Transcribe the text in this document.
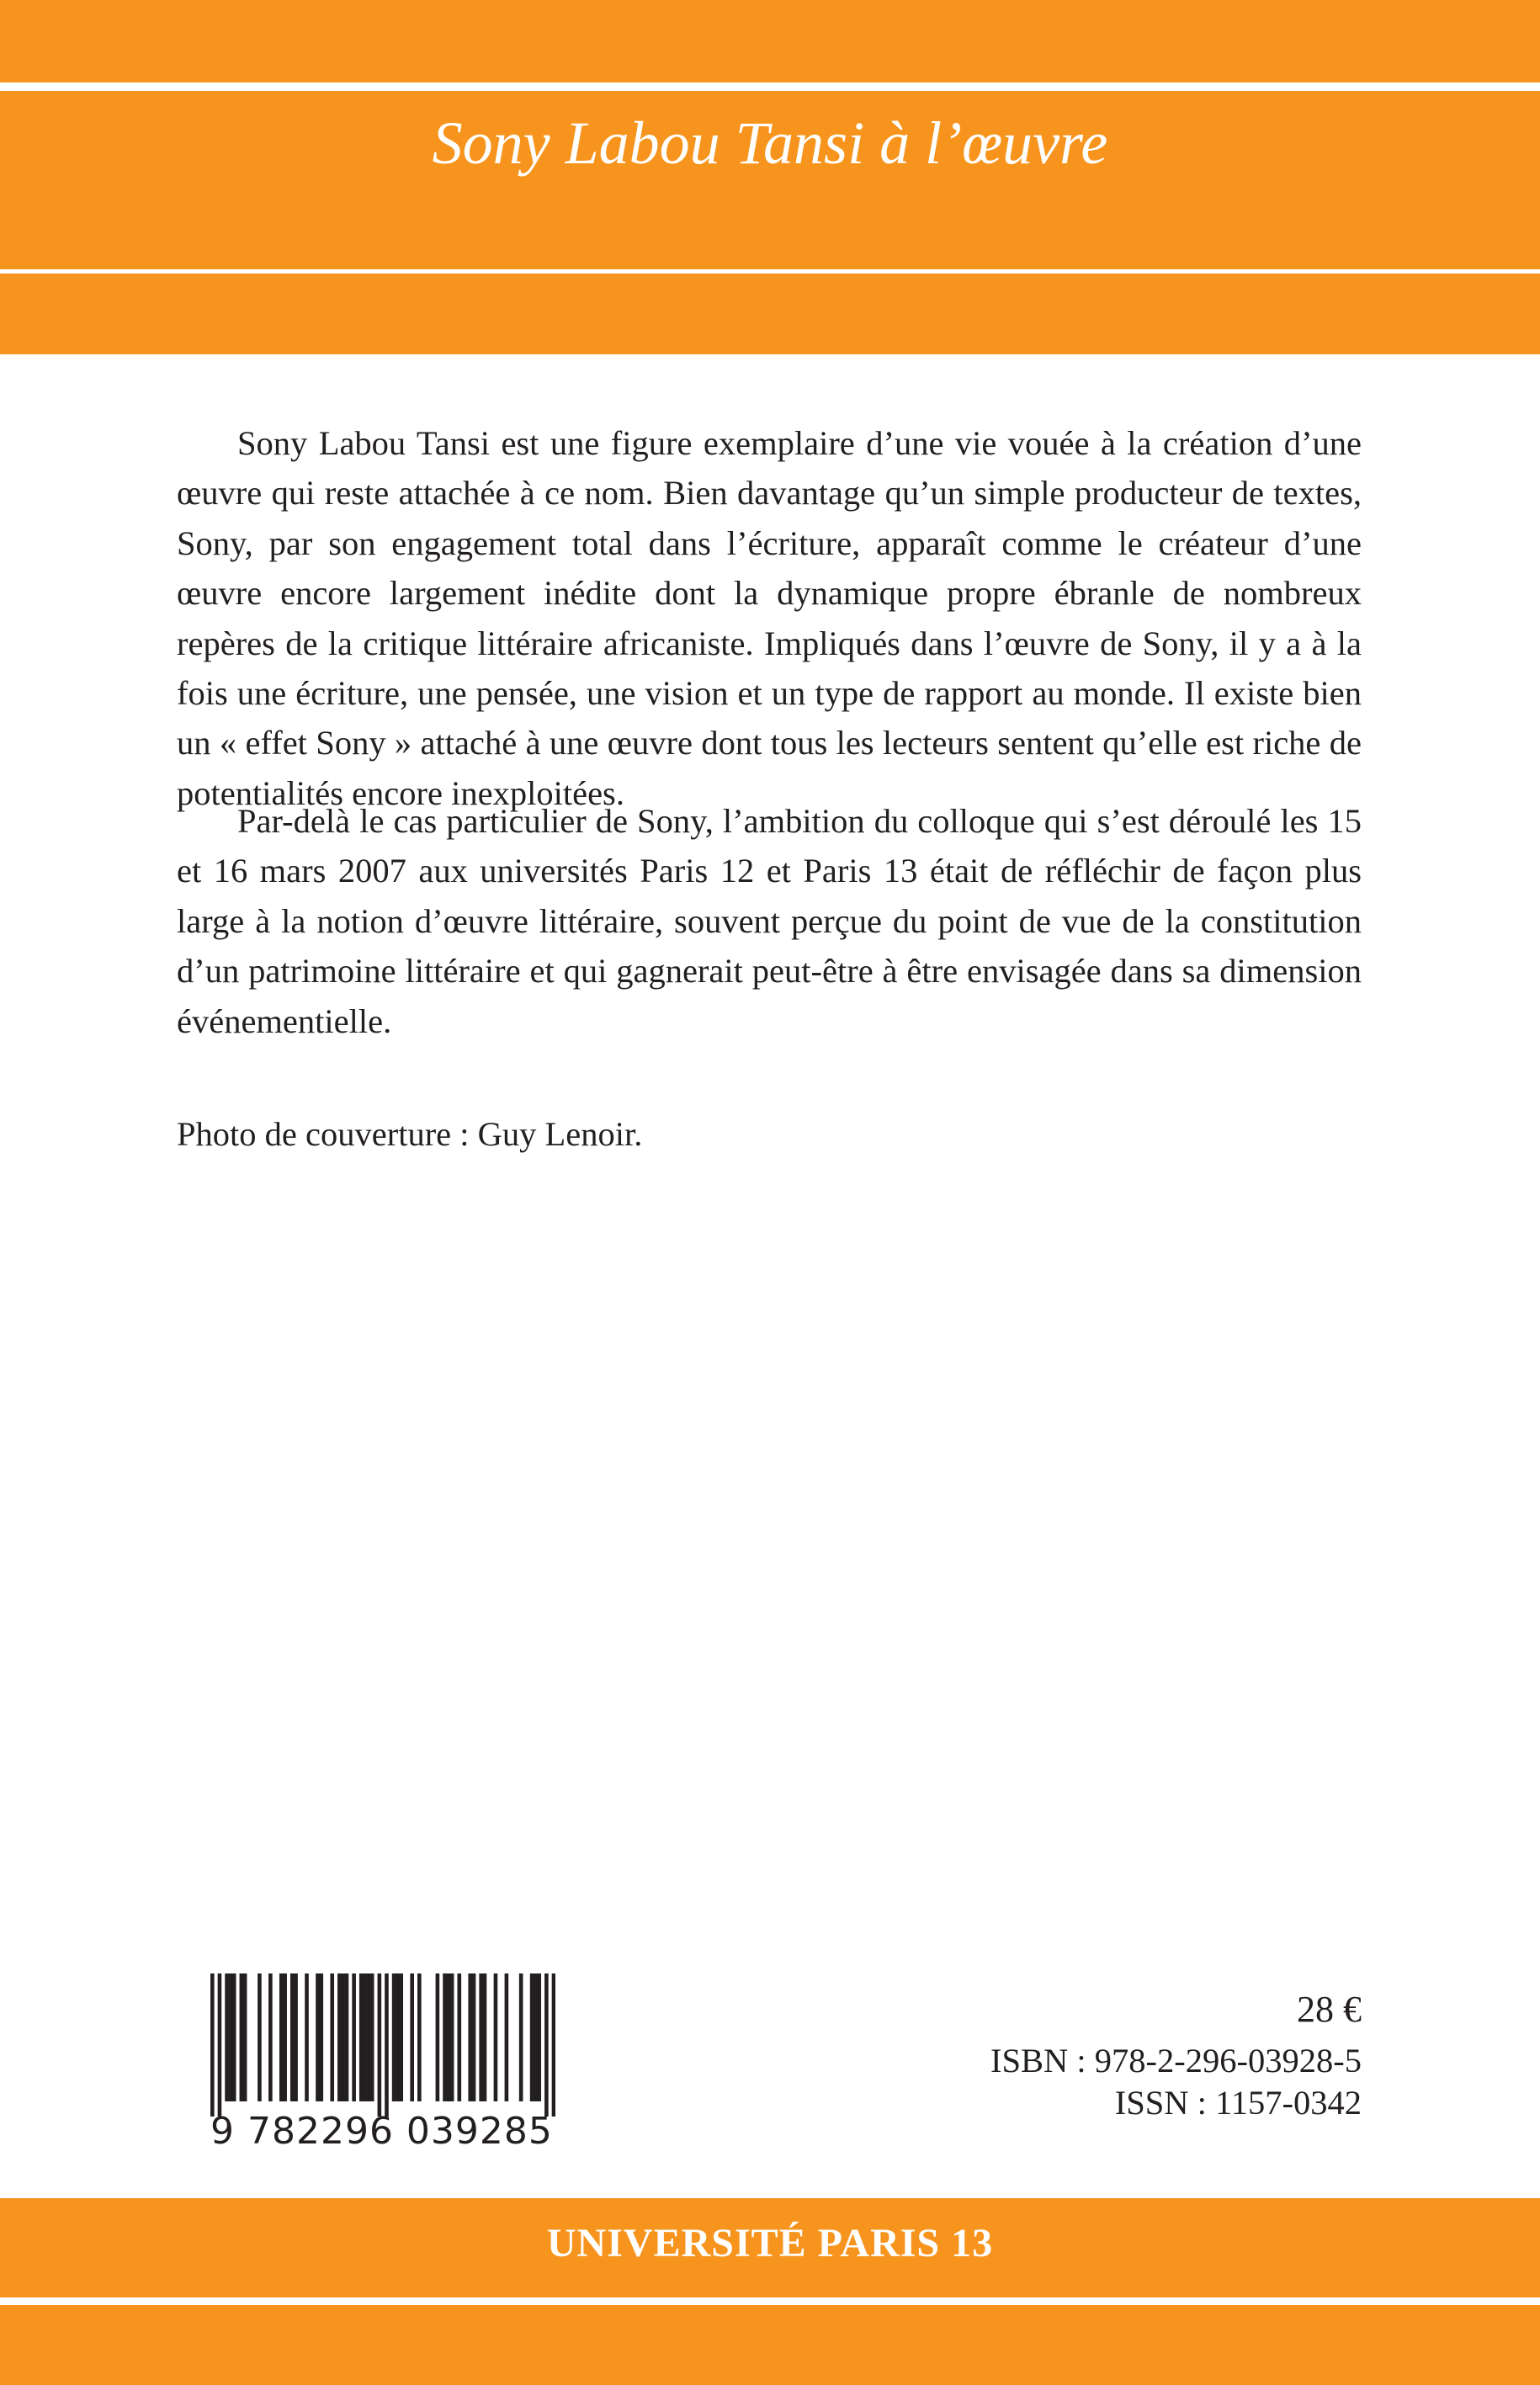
Sony Labou Tansi à l’œuvre

Sony Labou Tansi est une figure exemplaire d’une vie vouée à la création d’une œuvre qui reste attachée à ce nom. Bien davantage qu’un simple producteur de textes, Sony, par son engagement total dans l’écriture, apparaît comme le créateur d’une œuvre encore largement inédite dont la dynamique propre ébranle de nombreux repères de la critique littéraire africaniste. Impliqués dans l’œuvre de Sony, il y a à la fois une écriture, une pensée, une vision et un type de rapport au monde. Il existe bien un « effet Sony » attaché à une œuvre dont tous les lecteurs sentent qu’elle est riche de potentialités encore inexploitées.

Par-delà le cas particulier de Sony, l’ambition du colloque qui s’est déroulé les 15 et 16 mars 2007 aux universités Paris 12 et Paris 13 était de réfléchir de façon plus large à la notion d’œuvre littéraire, souvent perçue du point de vue de la constitution d’un patrimoine littéraire et qui gagnerait peut-être à être envisagée dans sa dimension événementielle.

Photo de couverture : Guy Lenoir.
9 782296 039285
28 €
ISBN : 978-2-296-03928-5
ISSN : 1157-0342
UNIVERSITÉ PARIS 13
